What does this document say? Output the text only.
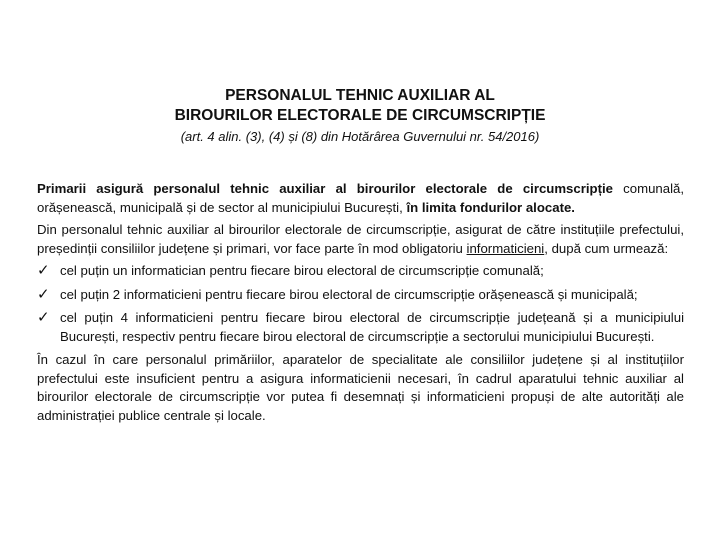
PERSONALUL TEHNIC AUXILIAR AL
BIROURILOR ELECTORALE DE CIRCUMSCRIPȚIE
(art. 4 alin. (3), (4) și (8) din Hotărârea Guvernului nr. 54/2016)

Primarii asigură personalul tehnic auxiliar al birourilor electorale de circumscripție comunală, orășenească, municipală și de sector al municipiului București, în limita fondurilor alocate.

Din personalul tehnic auxiliar al birourilor electorale de circumscripție, asigurat de către instituțiile prefectului, președinții consiliilor județene și primari, vor face parte în mod obligatoriu informaticieni, după cum urmează:

✓ cel puțin un informatician pentru fiecare birou electoral de circumscripție comunală;
✓ cel puțin 2 informaticieni pentru fiecare birou electoral de circumscripție orășenească și municipală;
✓ cel puțin 4 informaticieni pentru fiecare birou electoral de circumscripție județeană și a municipiului București, respectiv pentru fiecare birou electoral de circumscripție a sectorului municipiului București.

În cazul în care personalul primăriilor, aparatelor de specialitate ale consiliilor județene și al instituțiilor prefectului este insuficient pentru a asigura informaticienii necesari, în cadrul aparatului tehnic auxiliar al birourilor electorale de circumscripție vor putea fi desemnați și informaticieni propuși de alte autorități ale administrației publice centrale și locale.
